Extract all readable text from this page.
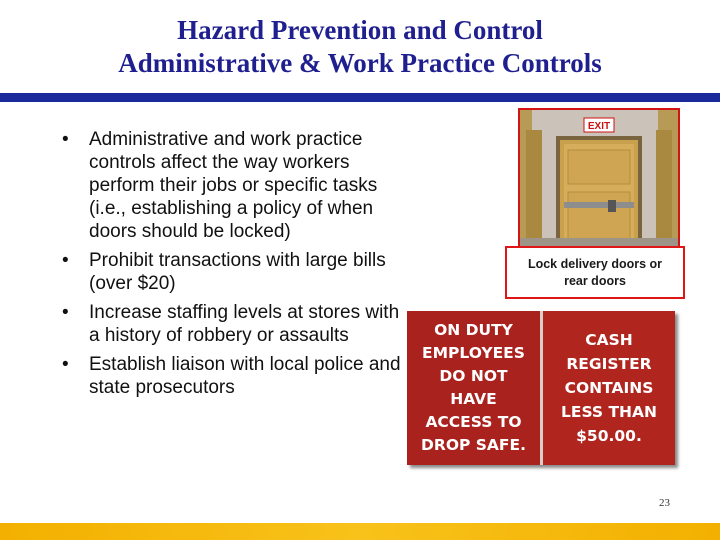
Hazard Prevention and Control
Administrative & Work Practice Controls
• Administrative and work practice controls affect the way workers perform their jobs or specific tasks (i.e., establishing a policy of when doors should be locked)
• Prohibit transactions with large bills (over $20)
• Increase staffing levels at stores with a history of robbery or assaults
• Establish liaison with local police and state prosecutors
EXIT
Lock delivery doors or rear doors
ON DUTY
EMPLOYEES
DO NOT
HAVE
ACCESS TO
DROP SAFE.
CASH
REGISTER
CONTAINS
LESS THAN
$50.00.
23
